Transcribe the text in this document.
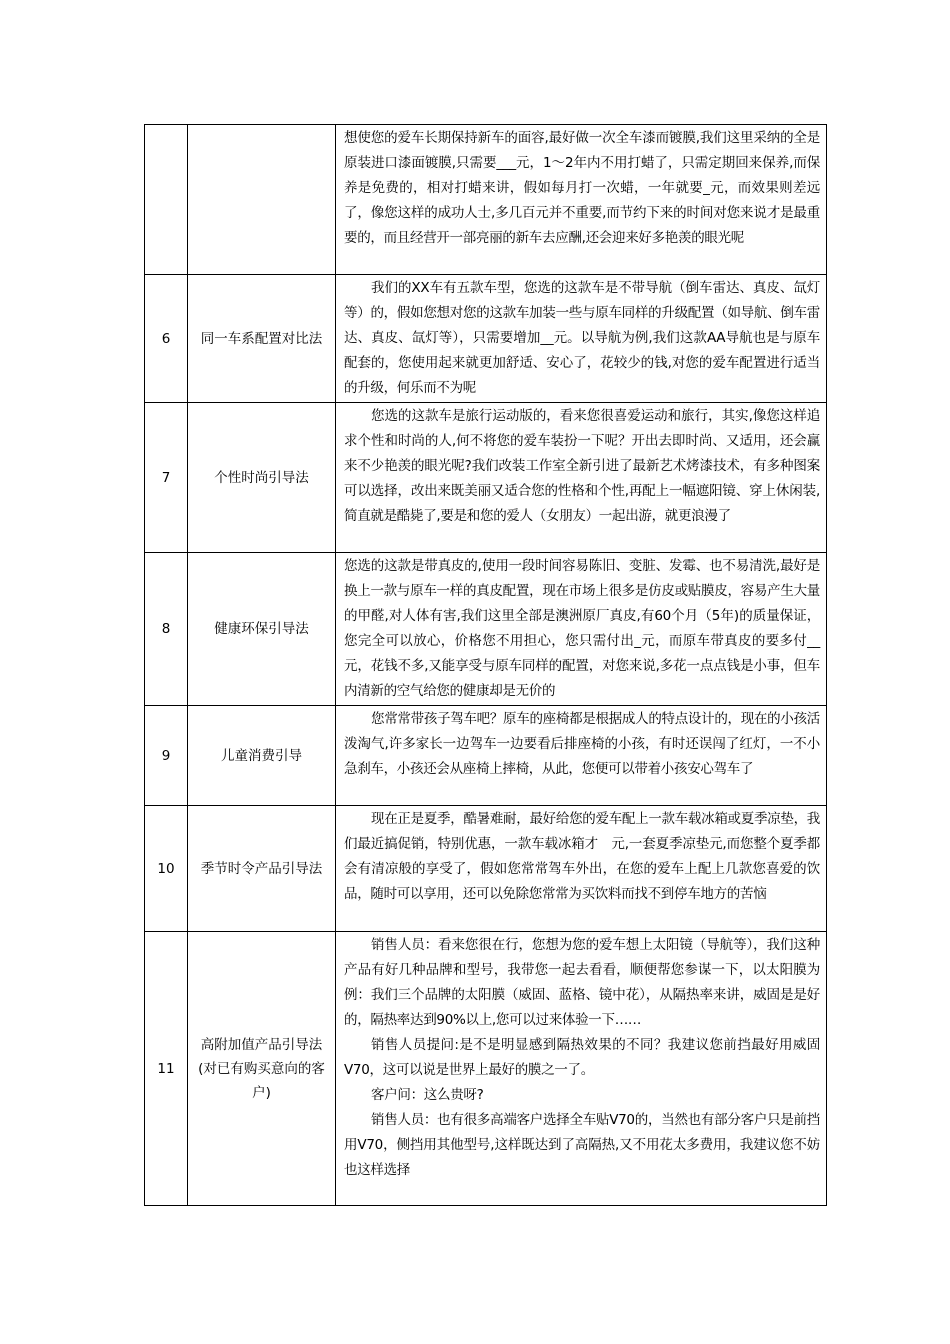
		想使您的爱车长期保持新车的面容,最好做一次全车漆而镀膜,我们这里采纳的全是原装进口漆面镀膜,只需要___元，1～2年内不用打蜡了，只需定期回来保养,而保养是免费的，相对打蜡来讲，假如每月打一次蜡，一年就要_元，而效果则差远了，像您这样的成功人士,多几百元并不重要,而节约下来的时间对您来说才是最重要的，而且经营开一部亮丽的新车去应酬,还会迎来好多艳羡的眼光呢

6	同一车系配置对比法	我们的XX车有五款车型，您选的这款车是不带导航（倒车雷达、真皮、氙灯等）的，假如您想对您的这款车加装一些与原车同样的升级配置（如导航、倒车雷达、真皮、氙灯等），只需要增加__元。以导航为例,我们这款AA导航也是与原车配套的，您使用起来就更加舒适、安心了，花较少的钱,对您的爱车配置进行适当的升级，何乐而不为呢

7	个性时尚引导法	您选的这款车是旅行运动版的，看来您很喜爱运动和旅行，其实,像您这样追求个性和时尚的人,何不将您的爱车装扮一下呢？开出去即时尚、又适用，还会赢来不少艳羡的眼光呢?我们改装工作室全新引进了最新艺术烤漆技术，有多种图案可以选择，改出来既美丽又适合您的性格和个性,再配上一幅遮阳镜、穿上休闲装,简直就是酷毙了,要是和您的爱人（女朋友）一起出游，就更浪漫了

8	健康环保引导法	您选的这款是带真皮的,使用一段时间容易陈旧、变脏、发霉、也不易清洗,最好是换上一款与原车一样的真皮配置，现在市场上很多是仿皮或贴膜皮，容易产生大量的甲醛,对人体有害,我们这里全部是澳洲原厂真皮,有60个月（5年)的质量保证，您完全可以放心，价格您不用担心，您只需付出_元，而原车带真皮的要多付__元，花钱不多,又能享受与原车同样的配置，对您来说,多花一点点钱是小事，但车内清新的空气给您的健康却是无价的

9	儿童消费引导	您常常带孩子驾车吧？原车的座椅都是根据成人的特点设计的，现在的小孩活泼淘气,许多家长一边驾车一边要看后排座椅的小孩，有时还误闯了红灯，一不小急刹车，小孩还会从座椅上摔椅，从此，您便可以带着小孩安心驾车了

10	季节时令产品引导法	现在正是夏季，酷暑难耐，最好给您的爱车配上一款车载冰箱或夏季凉垫，我们最近搞促销，特别优惠，一款车载冰箱才　元,一套夏季凉垫元,而您整个夏季都会有清凉般的享受了，假如您常常驾车外出，在您的爱车上配上几款您喜爱的饮品，随时可以享用，还可以免除您常常为买饮料而找不到停车地方的苦恼

11	高附加值产品引导法(对已有购买意向的客户)	销售人员：看来您很在行，您想为您的爱车想上太阳镜（导航等），我们这种产品有好几种品牌和型号，我带您一起去看看，顺便帮您参谋一下，以太阳膜为例：我们三个品牌的太阳膜（威固、蓝格、镜中花），从隔热率来讲，威固是是好的，隔热率达到90%以上,您可以过来体验一下……

销售人员提问:是不是明显感到隔热效果的不同？我建议您前挡最好用威固V70，这可以说是世界上最好的膜之一了。

客户问：这么贵呀?

销售人员：也有很多高端客户选择全车贴V70的，当然也有部分客户只是前挡用V70，侧挡用其他型号,这样既达到了高隔热,又不用花太多费用，我建议您不妨也这样选择
